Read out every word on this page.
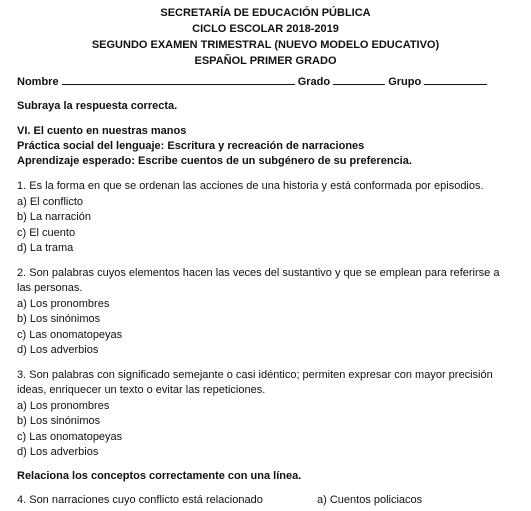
SECRETARÍA DE EDUCACIÓN PÚBLICA
CICLO ESCOLAR 2018-2019
SEGUNDO EXAMEN TRIMESTRAL (NUEVO MODELO EDUCATIVO)
ESPAÑOL PRIMER GRADO
Nombre	Grado	Grupo
Subraya la respuesta correcta.
VI. El cuento en nuestras manos
Práctica social del lenguaje: Escritura y recreación de narraciones
Aprendizaje esperado: Escribe cuentos de un subgénero de su preferencia.
1. Es la forma en que se ordenan las acciones de una historia y está conformada por episodios.
a) El conflicto
b) La narración
c) El cuento
d) La trama
2. Son palabras cuyos elementos hacen las veces del sustantivo y que se emplean para referirse a
las personas.
a) Los pronombres
b) Los sinónimos
c) Las onomatopeyas
d) Los adverbios
3. Son palabras con significado semejante o casi idéntico; permiten expresar con mayor precisión
ideas, enriquecer un texto o evitar las repeticiones.
a) Los pronombres
b) Los sinónimos
c) Las onomatopeyas
d) Los adverbios
Relaciona los conceptos correctamente con una línea.
4. Son narraciones cuyo conflicto está relacionado	a) Cuentos policiacos
